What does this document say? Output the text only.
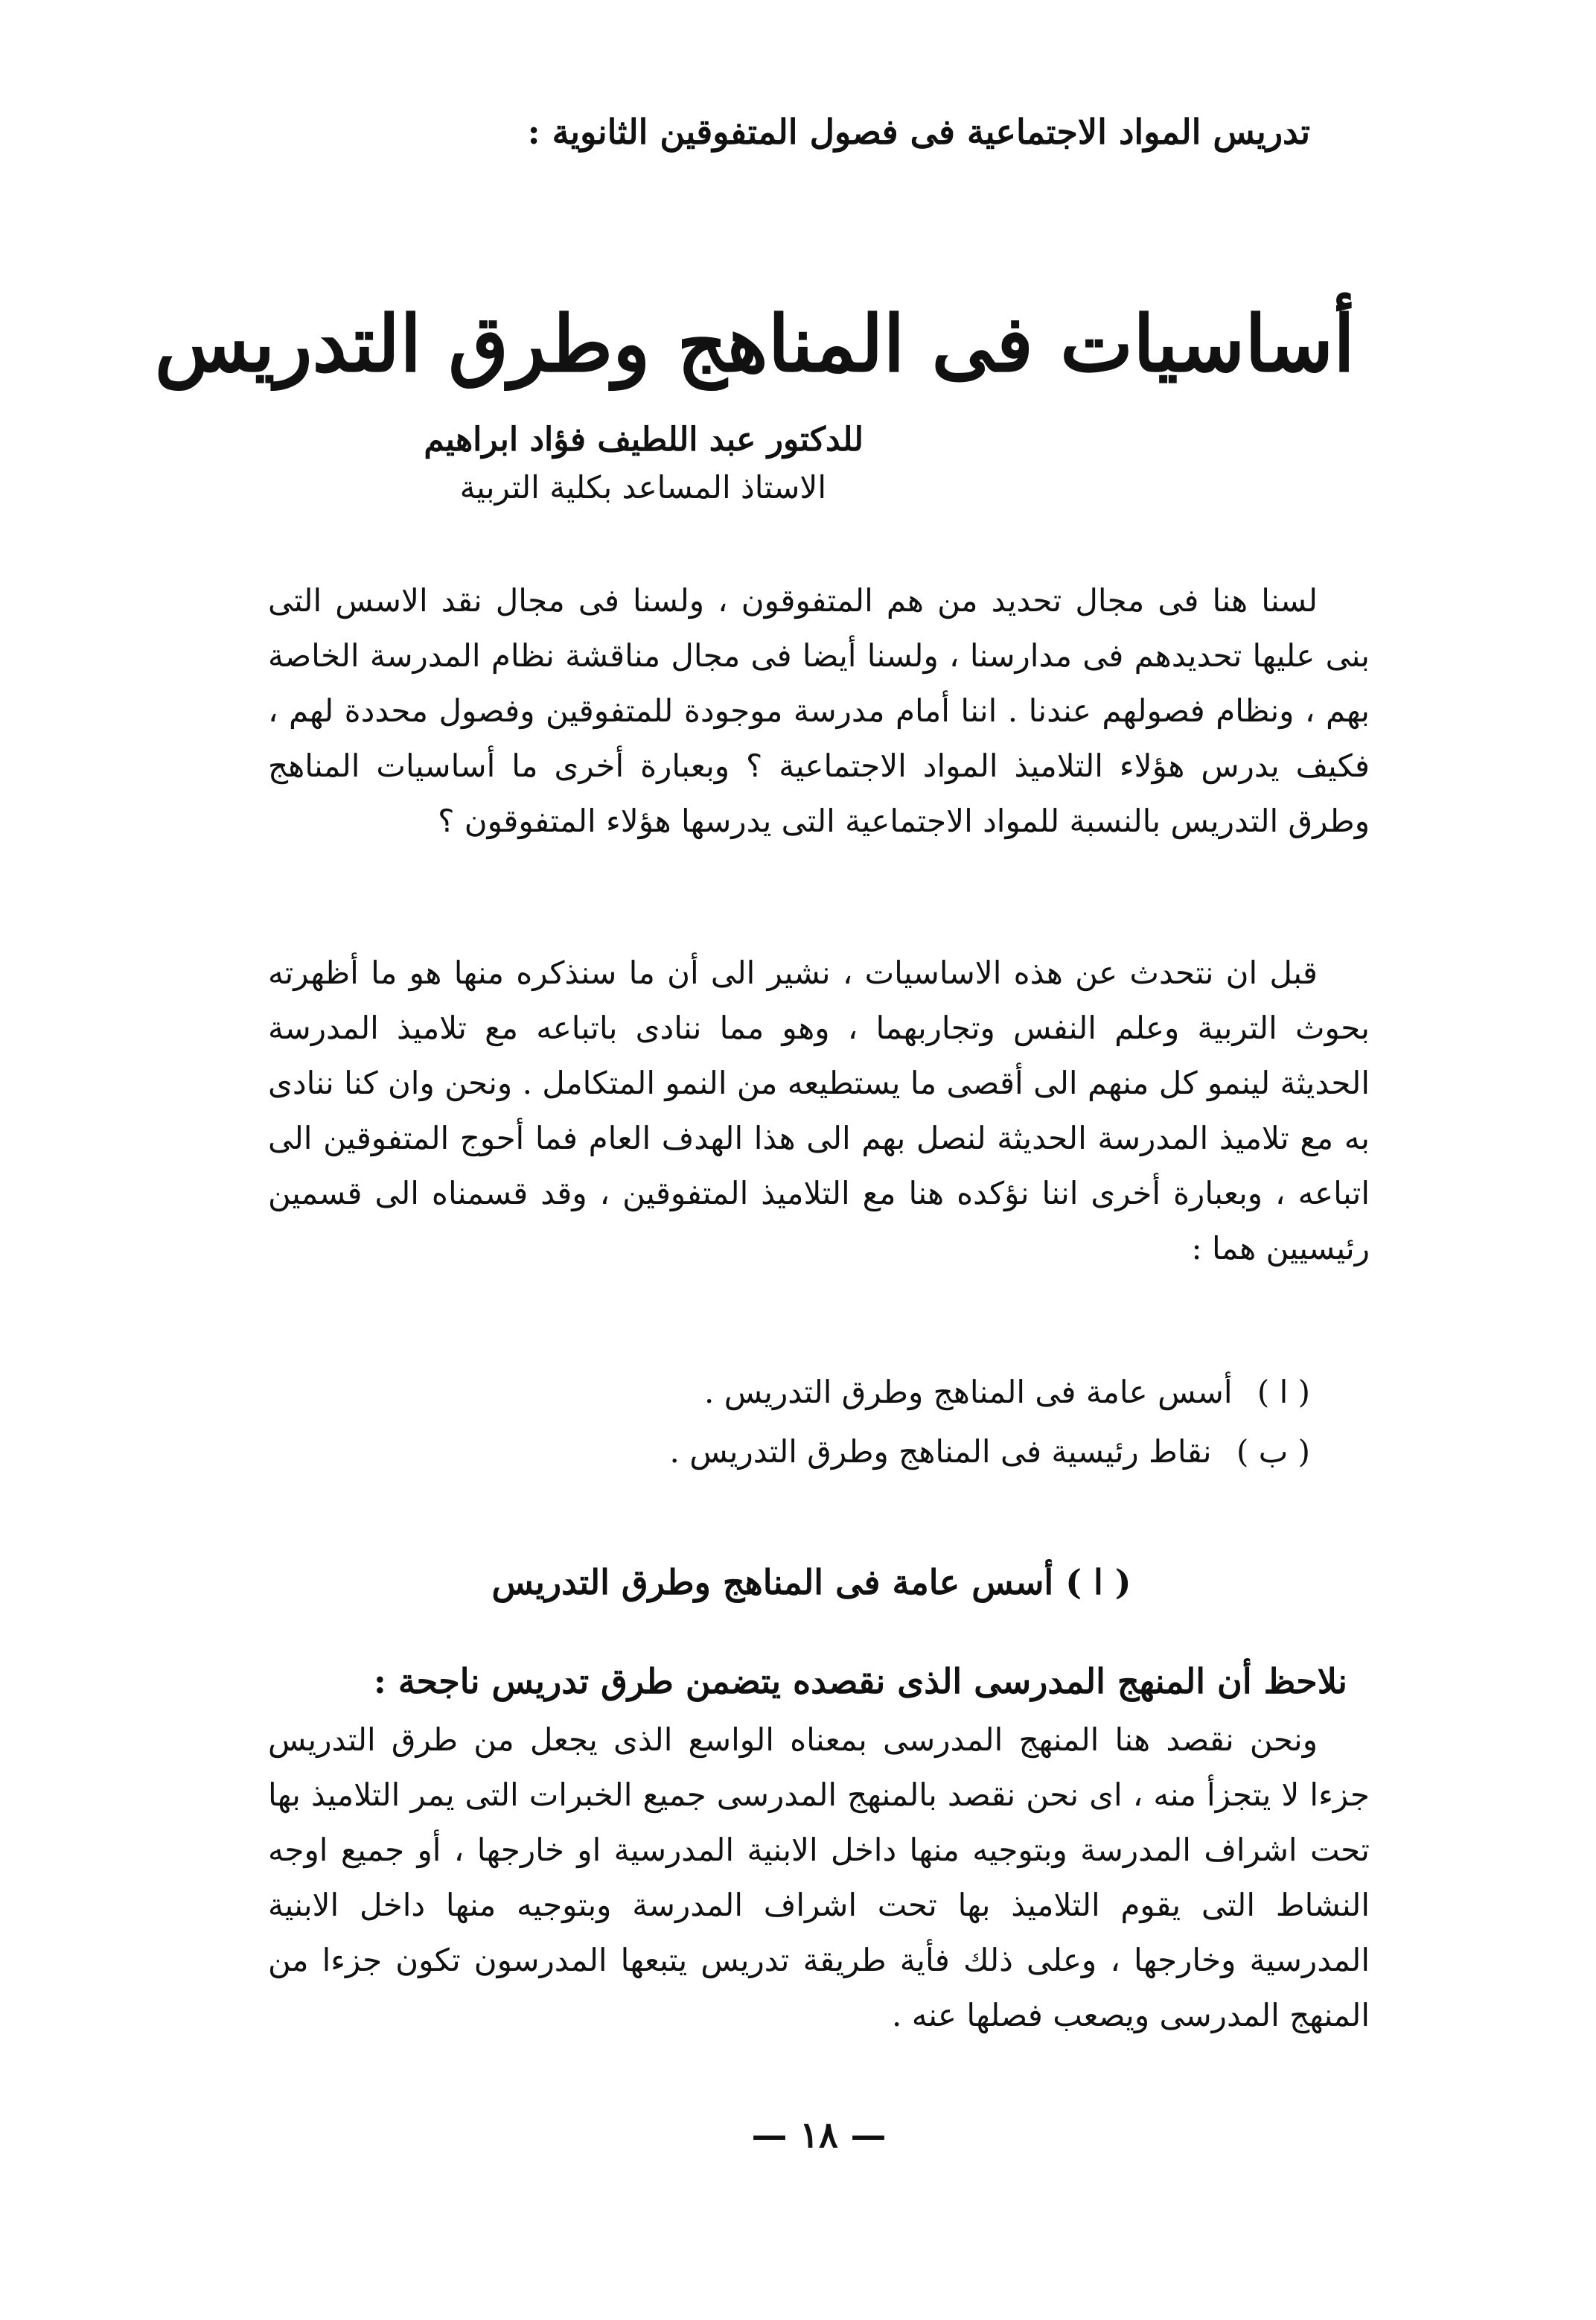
تدريس المواد الاجتماعية فى فصول المتفوقين الثانوية :
أساسيات فى المناهج وطرق التدريس
للدكتور عبد اللطيف فؤاد ابراهيم
الاستاذ المساعد بكلية التربية

لسنا هنا فى مجال تحديد من هم المتفوقون ، ولسنا فى مجال نقد الاسس التى بنى عليها تحديدهم فى مدارسنا ، ولسنا أيضا فى مجال مناقشة نظام المدرسة الخاصة بهم ، ونظام فصولهم عندنا . اننا أمام مدرسة موجودة للمتفوقين وفصول محددة لهم ، فكيف يدرس هؤلاء التلاميذ المواد الاجتماعية ؟ وبعبارة أخرى ما أساسيات المناهج وطرق التدريس بالنسبة للمواد الاجتماعية التى يدرسها هؤلاء المتفوقون ؟

قبل ان نتحدث عن هذه الاساسيات ، نشير الى أن ما سنذكره منها هو ما أظهرته بحوث التربية وعلم النفس وتجاربهما ، وهو مما ننادى باتباعه مع تلاميذ المدرسة الحديثة لينمو كل منهم الى أقصى ما يستطيعه من النمو المتكامل . ونحن وان كنا ننادى به مع تلاميذ المدرسة الحديثة لنصل بهم الى هذا الهدف العام فما أحوج المتفوقين الى اتباعه ، وبعبارة أخرى اننا نؤكده هنا مع التلاميذ المتفوقين ، وقد قسمناه الى قسمين رئيسيين هما :

( ا ) أسس عامة فى المناهج وطرق التدريس .
( ب ) نقاط رئيسية فى المناهج وطرق التدريس .
( ا ) أسس عامة فى المناهج وطرق التدريس
نلاحظ أن المنهج المدرسى الذى نقصده يتضمن طرق تدريس ناجحة :

ونحن نقصد هنا المنهج المدرسى بمعناه الواسع الذى يجعل من طرق التدريس جزءا لا يتجزأ منه ، اى نحن نقصد بالمنهج المدرسى جميع الخبرات التى يمر التلاميذ بها تحت اشراف المدرسة وبتوجيه منها داخل الابنية المدرسية او خارجها ، أو جميع اوجه النشاط التى يقوم التلاميذ بها تحت اشراف المدرسة وبتوجيه منها داخل الابنية المدرسية وخارجها ، وعلى ذلك فأية طريقة تدريس يتبعها المدرسون تكون جزءا من المنهج المدرسى ويصعب فصلها عنه .

— ١٨ —
